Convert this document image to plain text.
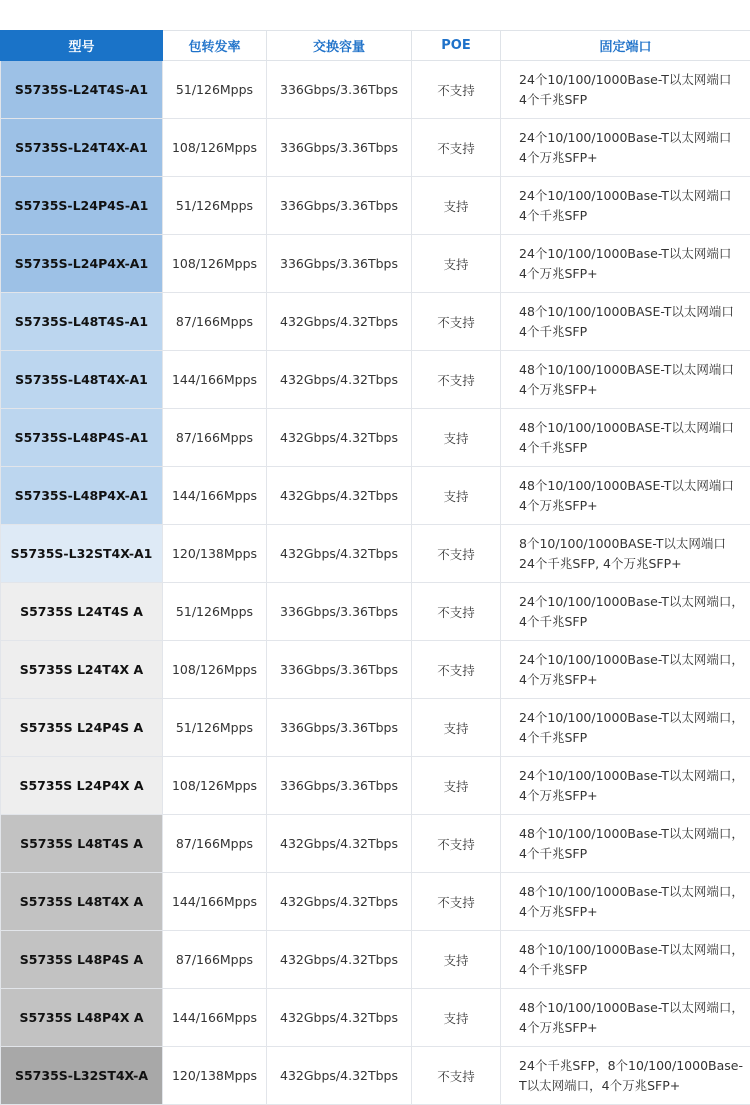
型号	包转发率	交换容量	POE	固定端口
S5735S-L24T4S-A1	51/126Mpps	336Gbps/3.36Tbps	不支持	24个10/100/1000Base-T以太网端口
4个千兆SFP

S5735S-L24T4X-A1	108/126Mpps	336Gbps/3.36Tbps	不支持	24个10/100/1000Base-T以太网端口
4个万兆SFP+

S5735S-L24P4S-A1	51/126Mpps	336Gbps/3.36Tbps	支持	24个10/100/1000Base-T以太网端口
4个千兆SFP

S5735S-L24P4X-A1	108/126Mpps	336Gbps/3.36Tbps	支持	24个10/100/1000Base-T以太网端口
4个万兆SFP+

S5735S-L48T4S-A1	87/166Mpps	432Gbps/4.32Tbps	不支持	48个10/100/1000BASE-T以太网端口
4个千兆SFP

S5735S-L48T4X-A1	144/166Mpps	432Gbps/4.32Tbps	不支持	48个10/100/1000BASE-T以太网端口
4个万兆SFP+

S5735S-L48P4S-A1	87/166Mpps	432Gbps/4.32Tbps	支持	48个10/100/1000BASE-T以太网端口
4个千兆SFP

S5735S-L48P4X-A1	144/166Mpps	432Gbps/4.32Tbps	支持	48个10/100/1000BASE-T以太网端口
4个万兆SFP+

S5735S-L32ST4X-A1	120/138Mpps	432Gbps/4.32Tbps	不支持	8个10/100/1000BASE-T以太网端口
24个千兆SFP, 4个万兆SFP+

S5735S L24T4S A	51/126Mpps	336Gbps/3.36Tbps	不支持	24个10/100/1000Base-T以太网端口，
4个千兆SFP

S5735S L24T4X A	108/126Mpps	336Gbps/3.36Tbps	不支持	24个10/100/1000Base-T以太网端口，
4个万兆SFP+

S5735S L24P4S A	51/126Mpps	336Gbps/3.36Tbps	支持	24个10/100/1000Base-T以太网端口，
4个千兆SFP

S5735S L24P4X A	108/126Mpps	336Gbps/3.36Tbps	支持	24个10/100/1000Base-T以太网端口，
4个万兆SFP+

S5735S L48T4S A	87/166Mpps	432Gbps/4.32Tbps	不支持	48个10/100/1000Base-T以太网端口，
4个千兆SFP

S5735S L48T4X A	144/166Mpps	432Gbps/4.32Tbps	不支持	48个10/100/1000Base-T以太网端口，
4个万兆SFP+

S5735S L48P4S A	87/166Mpps	432Gbps/4.32Tbps	支持	48个10/100/1000Base-T以太网端口，
4个千兆SFP

S5735S L48P4X A	144/166Mpps	432Gbps/4.32Tbps	支持	48个10/100/1000Base-T以太网端口，
4个万兆SFP+

S5735S-L32ST4X-A	120/138Mpps	432Gbps/4.32Tbps	不支持	24个千兆SFP，8个10/100/1000Base-
T以太网端口，4个万兆SFP+
